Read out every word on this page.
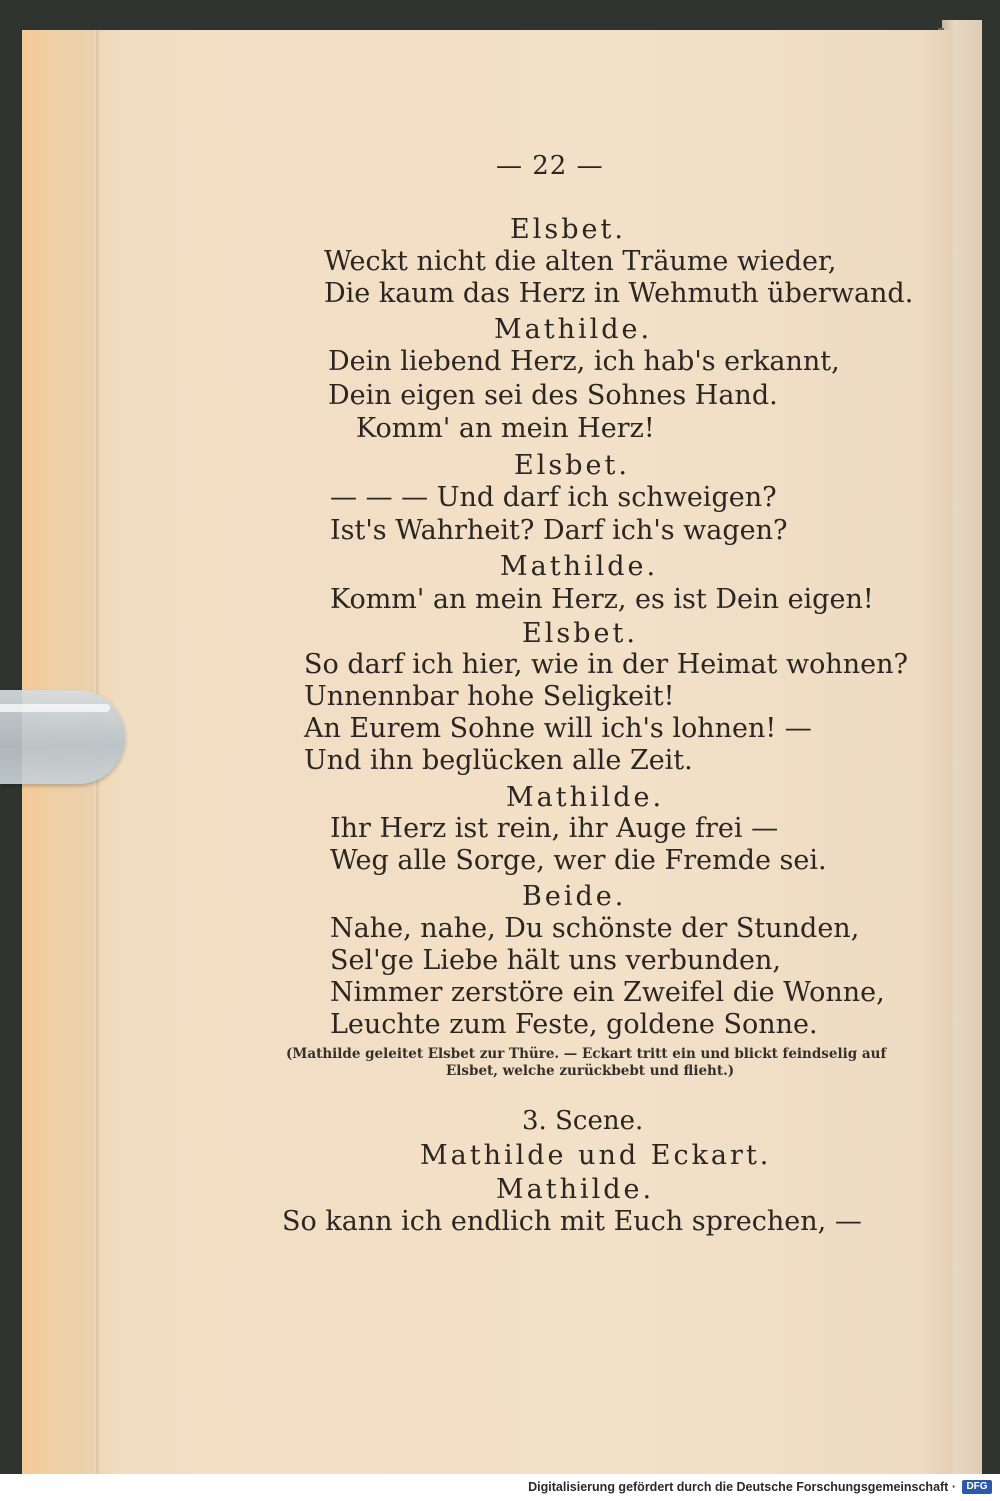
— 22 —
Elsbet.
Weckt nicht die alten Träume wieder,
Die kaum das Herz in Wehmuth überwand.
Mathilde.
Dein liebend Herz, ich hab's erkannt,
Dein eigen sei des Sohnes Hand.
Komm' an mein Herz!
Elsbet.
— — — Und darf ich schweigen?
Ist's Wahrheit? Darf ich's wagen?
Mathilde.
Komm' an mein Herz, es ist Dein eigen!
Elsbet.
So darf ich hier, wie in der Heimat wohnen?
Unnennbar hohe Seligkeit!
An Eurem Sohne will ich's lohnen! —
Und ihn beglücken alle Zeit.
Mathilde.
Ihr Herz ist rein, ihr Auge frei —
Weg alle Sorge, wer die Fremde sei.
Beide.
Nahe, nahe, Du schönste der Stunden,
Sel'ge Liebe hält uns verbunden,
Nimmer zerstöre ein Zweifel die Wonne,
Leuchte zum Feste, goldene Sonne.
(Mathilde geleitet Elsbet zur Thüre. — Eckart tritt ein und blickt feindselig auf
Elsbet, welche zurückbebt und flieht.)
3. Scene.
Mathilde und Eckart.
Mathilde.
So kann ich endlich mit Euch sprechen, —
Digitalisierung gefördert durch die Deutsche Forschungsgemeinschaft ·	DFG
